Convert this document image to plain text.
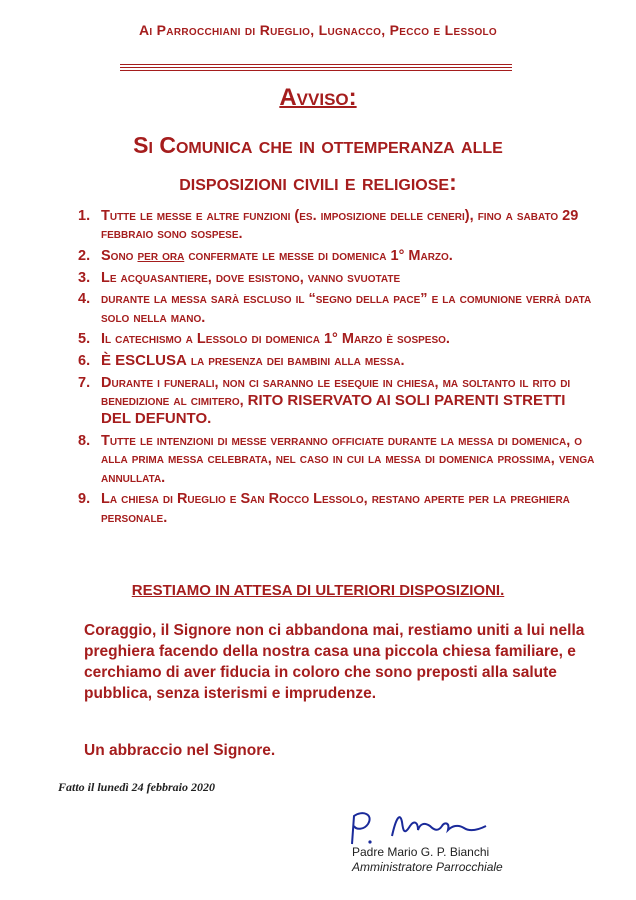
Ai Parrocchiani di Rueglio, Lugnacco, Pecco e Lessolo
Avviso:
Si Comunica che in ottemperanza alle
disposizioni civili e religiose:
1. Tutte le messe e altre funzioni (es. imposizione delle ceneri), fino a sabato 29 febbraio sono sospese.
2. Sono per ora confermate le messe di domenica 1° Marzo.
3. Le acquasantiere, dove esistono, vanno svuotate
4. durante la messa sarà escluso il “segno della pace” e la comunione verrà data solo nella mano.
5. Il catechismo a Lessolo di domenica 1° Marzo è sospeso.
6. È ESCLUSA la presenza dei bambini alla messa.
7. Durante i funerali, non ci saranno le esequie in chiesa, ma soltanto il rito di benedizione al cimitero, RITO RISERVATO AI SOLI PARENTI STRETTI DEL DEFUNTO.
8. Tutte le intenzioni di messe verranno officiate durante la messa di domenica, o alla prima messa celebrata, nel caso in cui la messa di domenica prossima, venga annullata.
9. La chiesa di Rueglio e San Rocco Lessolo, restano aperte per la preghiera personale.
RESTIAMO IN ATTESA DI ULTERIORI DISPOSIZIONI.
Coraggio, il Signore non ci abbandona mai, restiamo uniti a lui nella preghiera facendo della nostra casa una piccola chiesa familiare, e cerchiamo di aver fiducia in coloro che sono preposti alla salute pubblica, senza isterismi e imprudenze.
Un abbraccio nel Signore.
Fatto il lunedì 24 febbraio 2020
Padre Mario G. P. Bianchi
Amministratore Parrocchiale
